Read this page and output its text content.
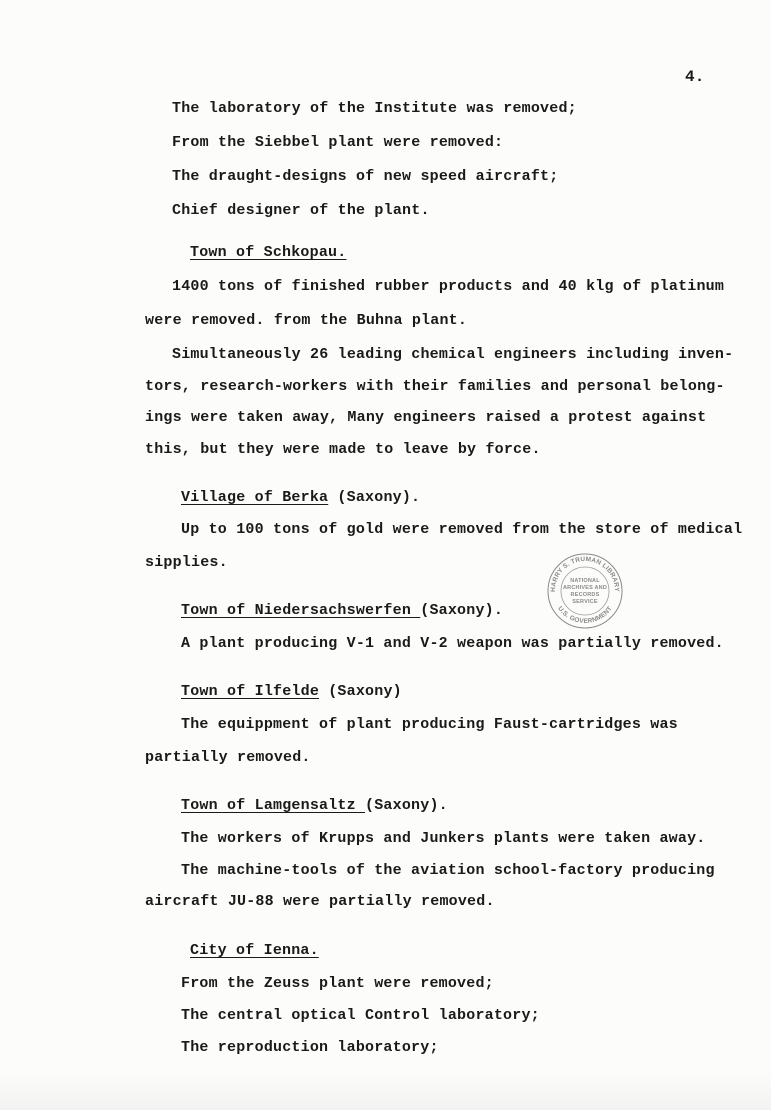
4.
The laboratory of the Institute was removed;
From the Siebbel plant were removed:
The draught-designs of new speed aircraft;
Chief designer of the plant.
Town of Schkopau.
1400 tons of finished rubber products and 40 klg of platinum
were removed. from the Buhna plant.
Simultaneously 26 leading chemical engineers including inven-
tors, research-workers with their families and personal belong-
ings were taken away, Many engineers raised a protest against
this, but they were made to leave by force.
Village of Berka (Saxony).
Up to 100 tons of gold were removed from the store of medical
sipplies.
Town of Niedersachswerfen (Saxony).
A plant producing V-1 and V-2 weapon was partially removed.
Town of Ilfelde (Saxony)
The equippment of plant producing Faust-cartridges was
partially removed.
Town of Lamgensaltz (Saxony).
The workers of Krupps and Junkers plants were taken away.
The machine-tools of the aviation school-factory producing
aircraft JU-88 were partially removed.
City of Ienna.
From the Zeuss plant were removed;
The central optical Control laboratory;
The reproduction laboratory;
HARRY S. TRUMAN LIBRARY
U.S. GOVERNMENT
NATIONAL
ARCHIVES AND
RECORDS
SERVICE
